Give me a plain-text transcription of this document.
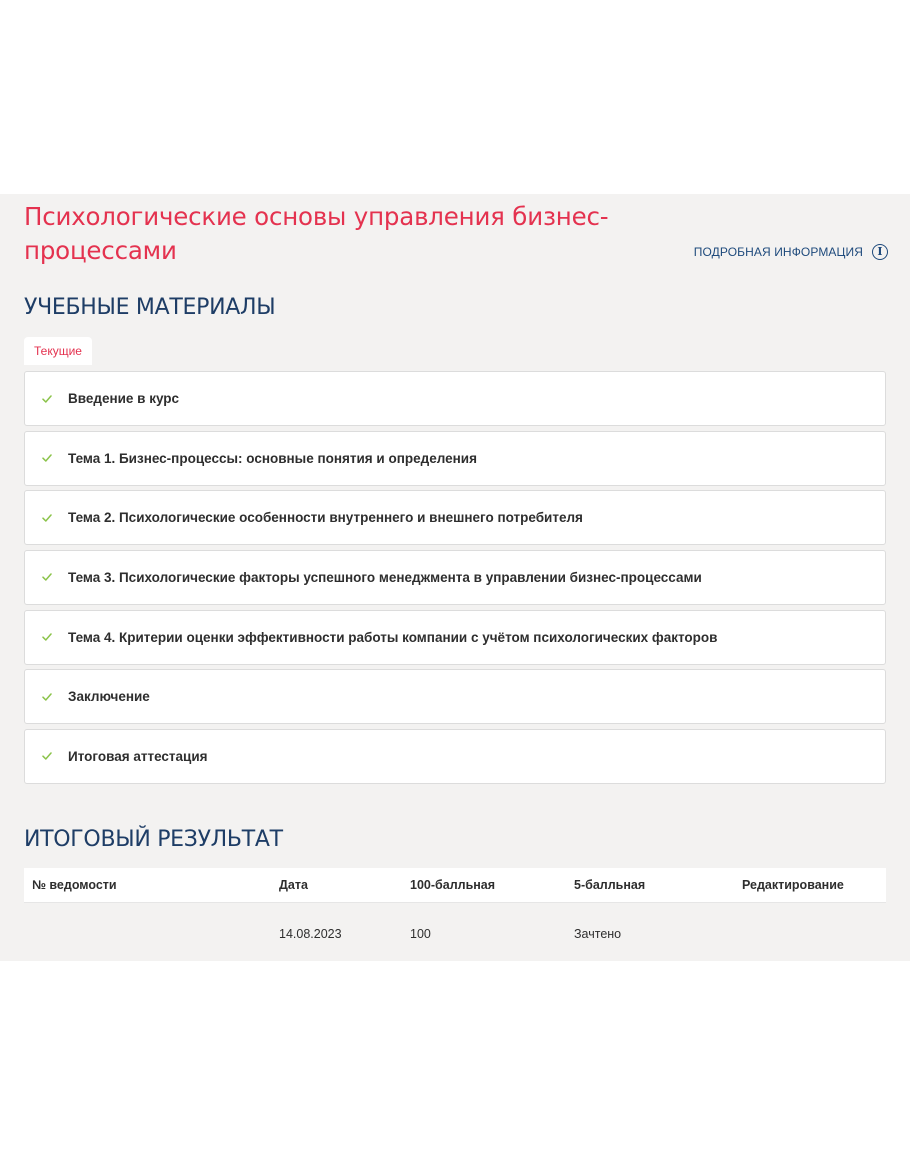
Психологические основы управления бизнес-процессами	ПОДРОБНАЯ ИНФОРМАЦИЯ	I
УЧЕБНЫЕ МАТЕРИАЛЫ
Текущие
Введение в курс
Тема 1. Бизнес-процессы: основные понятия и определения
Тема 2. Психологические особенности внутреннего и внешнего потребителя
Тема 3. Психологические факторы успешного менеджмента в управлении бизнес-процессами
Тема 4. Критерии оценки эффективности работы компании с учётом психологических факторов
Заключение
Итоговая аттестация
ИТОГОВЫЙ РЕЗУЛЬТАТ
№ ведомости	Дата	100-балльная	5-балльная	Редактирование
	14.08.2023	100	Зачтено	
